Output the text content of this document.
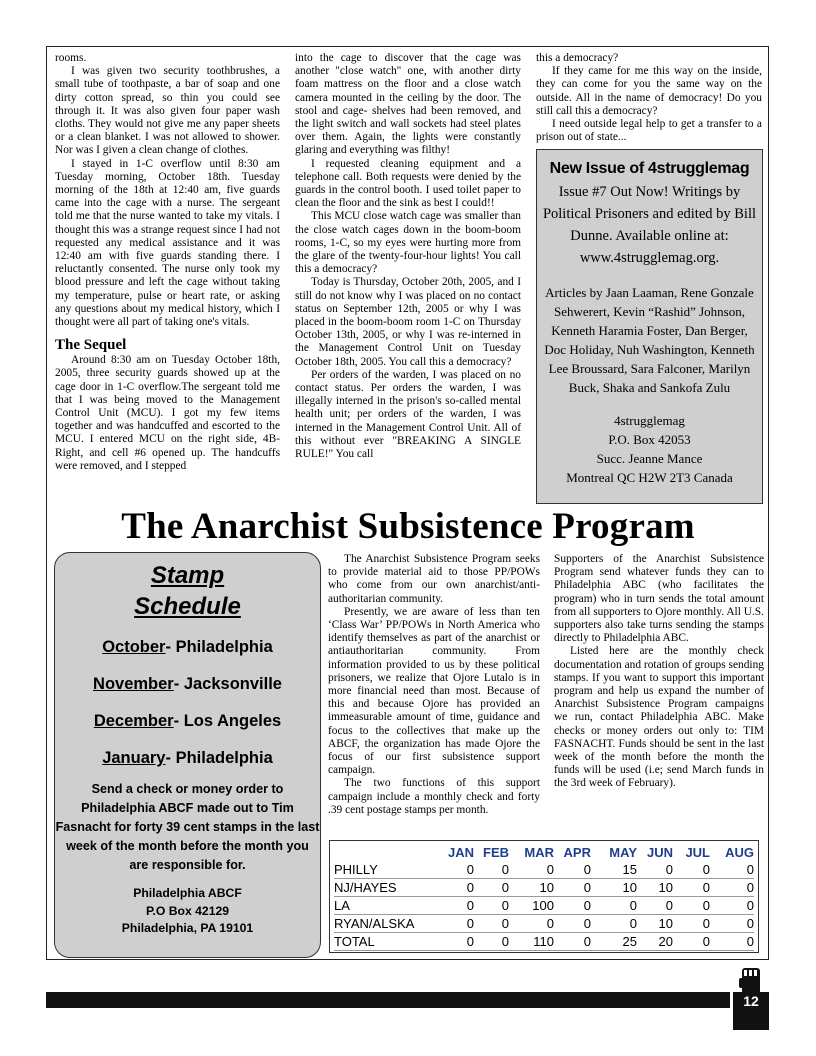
rooms.

I was given two security toothbrushes, a small tube of toothpaste, a bar of soap and one dirty cotton spread, so thin you could see through it. It was also given four paper wash cloths. They would not give me any paper sheets or a clean blanket. I was not allowed to shower. Nor was I given a clean change of clothes.

I stayed in 1-C overflow until 8:30 am Tuesday morning, October 18th. Tuesday morning of the 18th at 12:40 am, five guards came into the cage with a nurse. The sergeant told me that the nurse wanted to take my vitals. I thought this was a strange request since I had not requested any medical assistance and it was 12:40 am with five guards standing there. I reluctantly consented. The nurse only took my blood pressure and left the cage without taking my temperature, pulse or heart rate, or asking any questions about my medical history, which I thought were all part of taking one's vitals.

The Sequel

Around 8:30 am on Tuesday October 18th, 2005, three security guards showed up at the cage door in 1-C overflow.The sergeant told me that I was being moved to the Management Control Unit (MCU). I got my few items together and was handcuffed and escorted to the MCU. I entered MCU on the right side, 4B-Right, and cell #6 opened up. The handcuffs were removed, and I stepped

into the cage to discover that the cage was another "close watch" one, with another dirty foam mattress on the floor and a close watch camera mounted in the ceiling by the door. The stool and cage- shelves had been removed, and the light switch and wall sockets had steel plates over them. Again, the lights were constantly glaring and everything was filthy!

I requested cleaning equipment and a telephone call. Both requests were denied by the guards in the control booth. I used toilet paper to clean the floor and the sink as best I could!!

This MCU close watch cage was smaller than the close watch cages down in the boom-boom rooms, 1-C, so my eyes were hurting more from the glare of the twenty-four-hour lights! You call this a democracy?

Today is Thursday, October 20th, 2005, and I still do not know why I was placed on no contact status on September 12th, 2005 or why I was placed in the boom-boom room 1-C on Thursday October 13th, 2005, or why I was re-interned in the Management Control Unit on Tuesday October 18th, 2005. You call this a democracy?

Per orders of the warden, I was placed on no contact status. Per orders the warden, I was illegally interned in the prison's so-called mental health unit; per orders of the warden, I was interned in the Management Control Unit. All of this without ever "BREAKING A SINGLE RULE!" You call

this a democracy?

If they came for me this way on the inside, they can come for you the same way on the outside. All in the name of democracy! Do you still call this a democracy?

I need outside legal help to get a transfer to a prison out of state...

New Issue of 4strugglemag
Issue #7 Out Now! Writings by Political Prisoners and edited by Bill Dunne. Available online at: www.4strugglemag.org.
Articles by Jaan Laaman, Rene Gonzale Sehwerert, Kevin “Rashid” Johnson, Kenneth Haramia Foster, Dan Berger, Doc Holiday, Nuh Washington, Kenneth Lee Broussard, Sara Falconer, Marilyn Buck, Shaka and Sankofa Zulu
4strugglemag
P.O. Box 42053
Succ. Jeanne Mance
Montreal QC H2W 2T3 Canada
The Anarchist Subsistence Program
Stamp
Schedule
October- Philadelphia
November- Jacksonville
December- Los Angeles
January- Philadelphia
Send a check or money order to Philadelphia ABCF made out to Tim Fasnacht for forty 39 cent stamps in the last week of the month before the month you are responsible for.
Philadelphia ABCF
P.O Box 42129
Philadelphia, PA 19101

The Anarchist Subsistence Program seeks to provide material aid to those PP/POWs who come from our own anarchist/anti-authoritarian community.

Presently, we are aware of less than ten ‘Class War’ PP/POWs in North America who identify themselves as part of the anarchist or antiauthoritarian community. From information provided to us by these political prisoners, we realize that Ojore Lutalo is in more financial need than most. Because of this and because Ojore has provided an immeasurable amount of time, guidance and focus to the collectives that make up the ABCF, the organization has made Ojore the focus of our first subsistence support campaign.

The two functions of this support campaign include a monthly check and forty .39 cent postage stamps per month.

Supporters of the Anarchist Subsistence Program send whatever funds they can to Philadelphia ABC (who facilitates the program) who in turn sends the total amount from all supporters to Ojore monthly. All U.S. supporters also take turns sending the stamps directly to Philadelphia ABC.

Listed here are the monthly check documentation and rotation of groups sending stamps. If you want to support this important program and help us expand the number of Anarchist Subsistence Program campaigns we run, contact Philadelphia ABC. Make checks or money orders out only to: TIM FASNACHT. Funds should be sent in the last week of the month before the month the funds will be used (i.e; send March funds in the 3rd week of February).

	JAN	FEB	MAR	APR	MAY	JUN	JUL	AUG
PHILLY	0	0	0	0	15	0	0	0
NJ/HAYES	0	0	10	0	10	10	0	0
LA	0	0	100	0	0	0	0	0
RYAN/ALSKA	0	0	0	0	0	10	0	0
TOTAL	0	0	110	0	25	20	0	0
12
